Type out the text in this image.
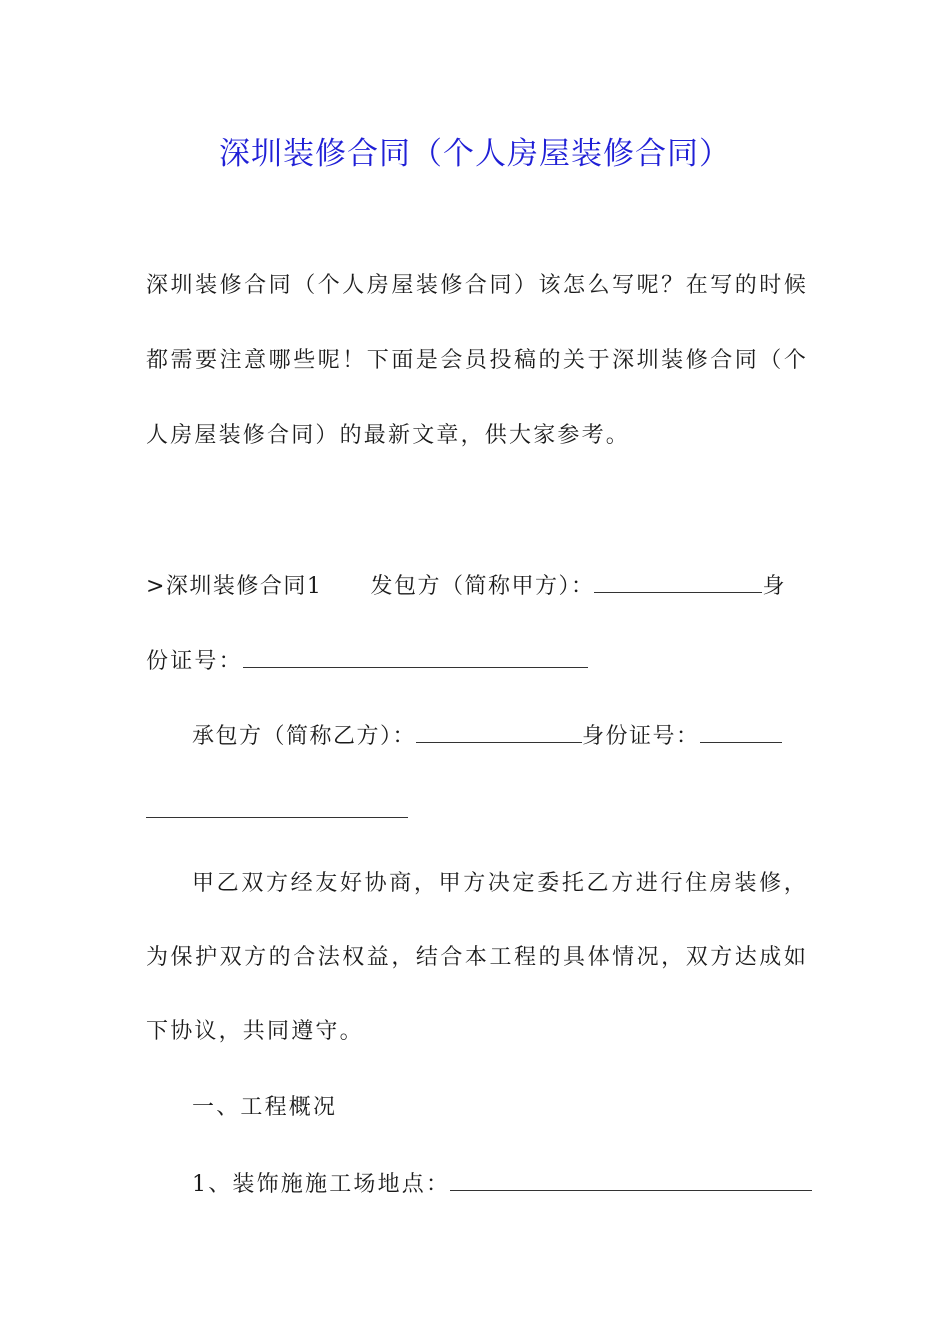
深圳装修合同（个人房屋装修合同）
深 圳 装 修 合 同 （ 个 人 房 屋 装 修 合 同 ） 该 怎 么 写 呢 ？ 在 写 的 时 候
都 需 要 注 意 哪 些 呢 ！ 下 面 是 会 员 投 稿 的 关 于 深 圳 装 修 合 同 （ 个
人房屋装修合同）的最新文章，供大家参考。
>深圳装修合同1 发包方（简称甲方）：	身
份证号：
承包方（简称乙方）：	身份证号：
甲 乙 双 方 经 友 好 协 商 ， 甲 方 决 定 委 托 乙 方 进 行 住 房 装 修 ，
为 保 护 双 方 的 合 法 权 益 ， 结 合 本 工 程 的 具 体 情 况 ， 双 方 达 成 如
下协议，共同遵守。
一、工程概况
1、装饰施施工场地点：
